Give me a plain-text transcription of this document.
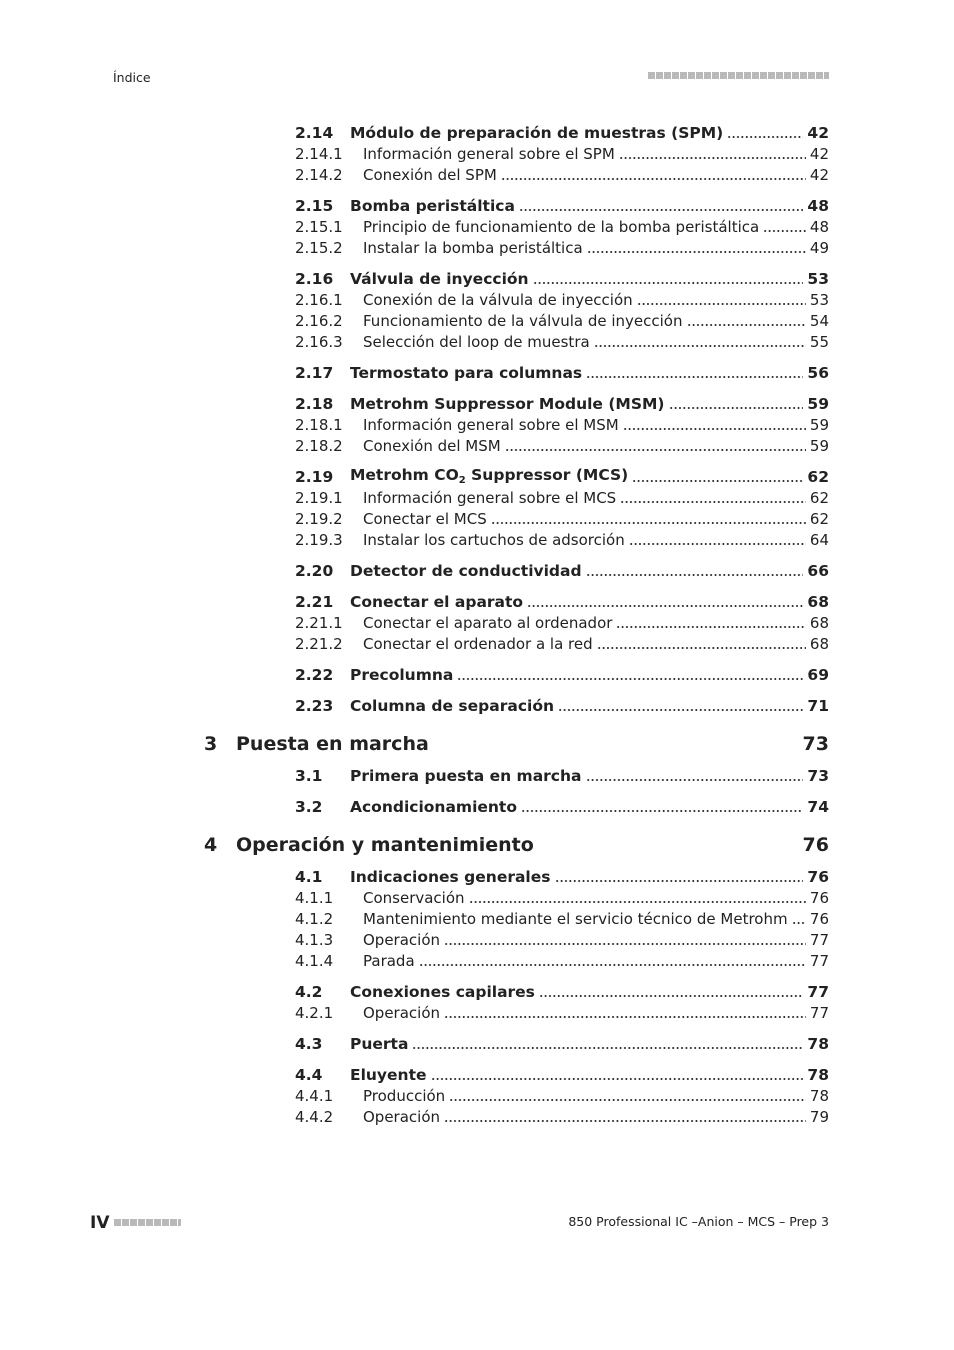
Índice
2.14	Módulo de preparación de muestras (SPM)	42
2.14.1	Información general sobre el SPM	42
2.14.2	Conexión del SPM	42
2.15	Bomba peristáltica	48
2.15.1	Principio de funcionamiento de la bomba peristáltica	48
2.15.2	Instalar la bomba peristáltica	49
2.16	Válvula de inyección	53
2.16.1	Conexión de la válvula de inyección	53
2.16.2	Funcionamiento de la válvula de inyección	54
2.16.3	Selección del loop de muestra	55
2.17	Termostato para columnas	56
2.18	Metrohm Suppressor Module (MSM)	59
2.18.1	Información general sobre el MSM	59
2.18.2	Conexión del MSM	59
2.19	Metrohm $CO_2$ Suppressor (MCS)	62
2.19.1	Información general sobre el MCS	62
2.19.2	Conectar el MCS	62
2.19.3	Instalar los cartuchos de adsorción	64
2.20	Detector de conductividad	66
2.21	Conectar el aparato	68
2.21.1	Conectar el aparato al ordenador	68
2.21.2	Conectar el ordenador a la red	68
2.22	Precolumna	69
2.23	Columna de separación	71
3 Puesta en marcha	73
3.1	Primera puesta en marcha	73
3.2	Acondicionamiento	74
4 Operación y mantenimiento	76
4.1	Indicaciones generales	76
4.1.1	Conservación	76
4.1.2	Mantenimiento mediante el servicio técnico de Metrohm 76
4.1.3	Operación	77
4.1.4	Parada	77
4.2	Conexiones capilares	77
4.2.1	Operación	77
4.3	Puerta	78
4.4	Eluyente	78
4.4.1	Producción	78
4.4.2	Operación	79
IV	850 Professional IC –Anion – MCS – Prep 3
